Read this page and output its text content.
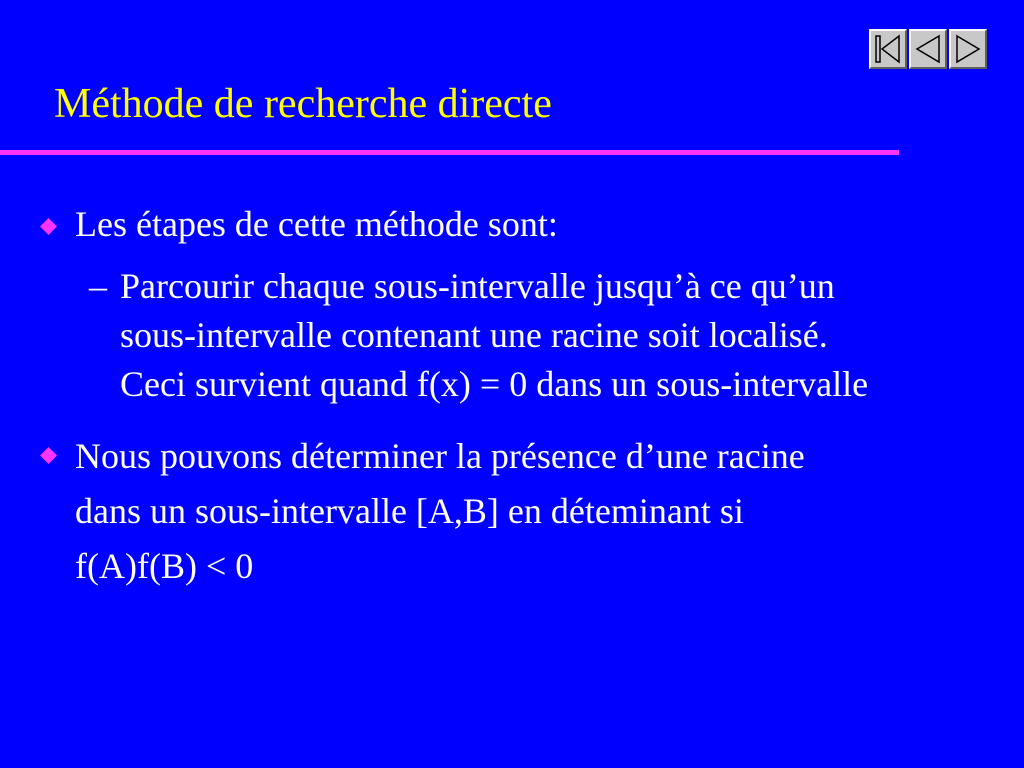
Méthode de recherche directe
Les étapes de cette méthode sont:
– Parcourir chaque sous-intervalle jusqu’à ce qu’un
sous-intervalle contenant une racine soit localisé.
Ceci survient quand f(x) = 0 dans un sous-intervalle
Nous pouvons déterminer la présence d’une racine
dans un sous-intervalle [A,B] en déteminant si
f(A)f(B) < 0
